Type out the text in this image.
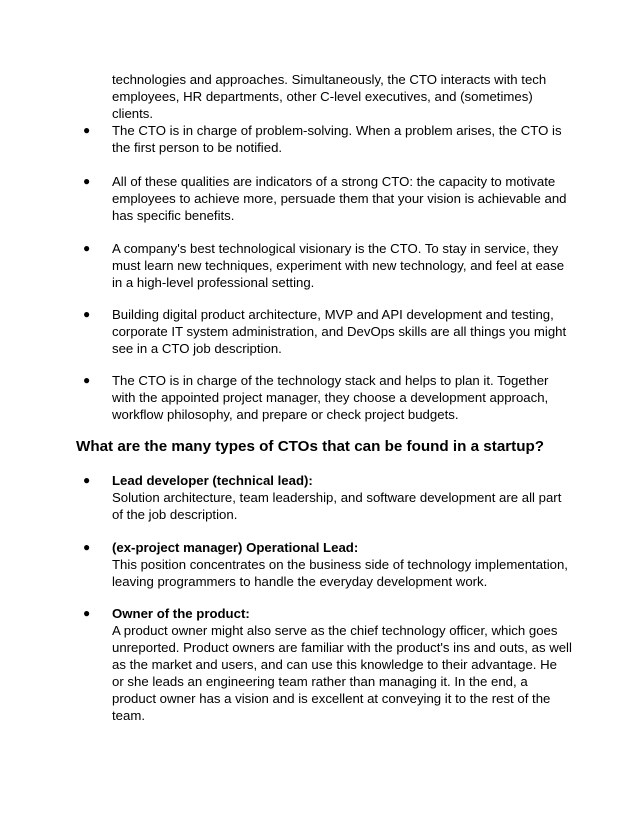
technologies and approaches. Simultaneously, the CTO interacts with tech employees, HR departments, other C-level executives, and (sometimes) clients.

● The CTO is in charge of problem-solving. When a problem arises, the CTO is the first person to be notified.

● All of these qualities are indicators of a strong CTO: the capacity to motivate employees to achieve more, persuade them that your vision is achievable and has specific benefits.

● A company's best technological visionary is the CTO. To stay in service, they must learn new techniques, experiment with new technology, and feel at ease in a high-level professional setting.

● Building digital product architecture, MVP and API development and testing, corporate IT system administration, and DevOps skills are all things you might see in a CTO job description.

● The CTO is in charge of the technology stack and helps to plan it. Together with the appointed project manager, they choose a development approach, workflow philosophy, and prepare or check project budgets.

What are the many types of CTOs that can be found in a startup?
● Lead developer (technical lead):
Solution architecture, team leadership, and software development are all part of the job description.
● (ex-project manager) Operational Lead:
This position concentrates on the business side of technology implementation, leaving programmers to handle the everyday development work.
● Owner of the product:
A product owner might also serve as the chief technology officer, which goes unreported. Product owners are familiar with the product's ins and outs, as well as the market and users, and can use this knowledge to their advantage. He or she leads an engineering team rather than managing it. In the end, a product owner has a vision and is excellent at conveying it to the rest of the team.
